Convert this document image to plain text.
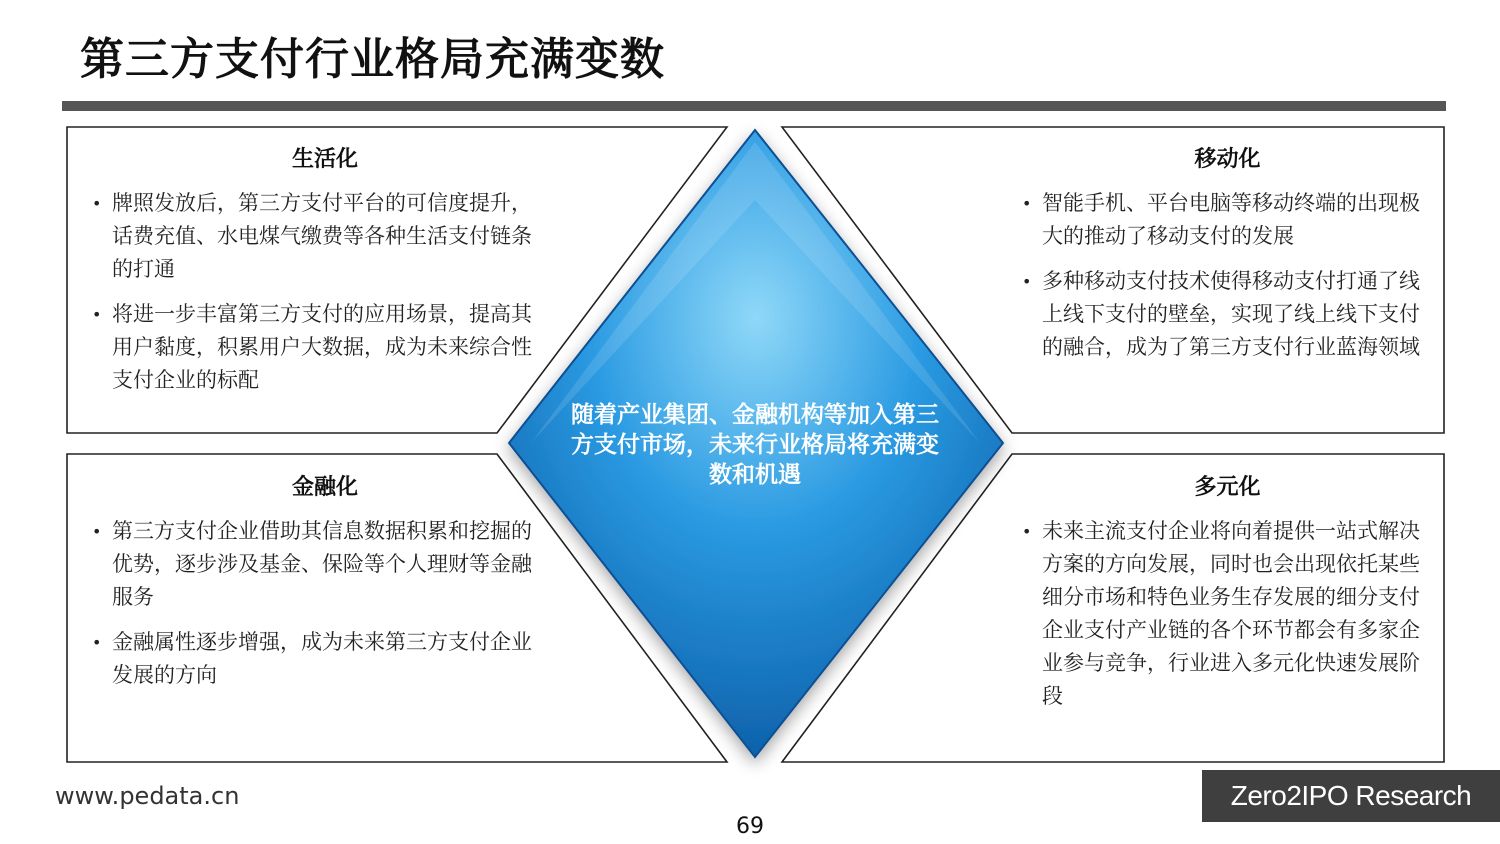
第三方支付行业格局充满变数
生活化
• 牌照发放后，第三方支付平台的可信度提升，话费充值、水电煤气缴费等各种生活支付链条的打通
• 将进一步丰富第三方支付的应用场景，提高其用户黏度，积累用户大数据，成为未来综合性支付企业的标配
移动化
• 智能手机、平台电脑等移动终端的出现极大的推动了移动支付的发展
• 多种移动支付技术使得移动支付打通了线上线下支付的壁垒，实现了线上线下支付的融合，成为了第三方支付行业蓝海领域
金融化
• 第三方支付企业借助其信息数据积累和挖掘的优势，逐步涉及基金、保险等个人理财等金融服务
• 金融属性逐步增强，成为未来第三方支付企业发展的方向
多元化
• 未来主流支付企业将向着提供一站式解决方案的方向发展，同时也会出现依托某些细分市场和特色业务生存发展的细分支付企业支付产业链的各个环节都会有多家企业参与竞争，行业进入多元化快速发展阶段
随着产业集团、金融机构等加入第三方支付市场，未来行业格局将充满变数和机遇
www.pedata.cn
69
Zero2IPO Research
